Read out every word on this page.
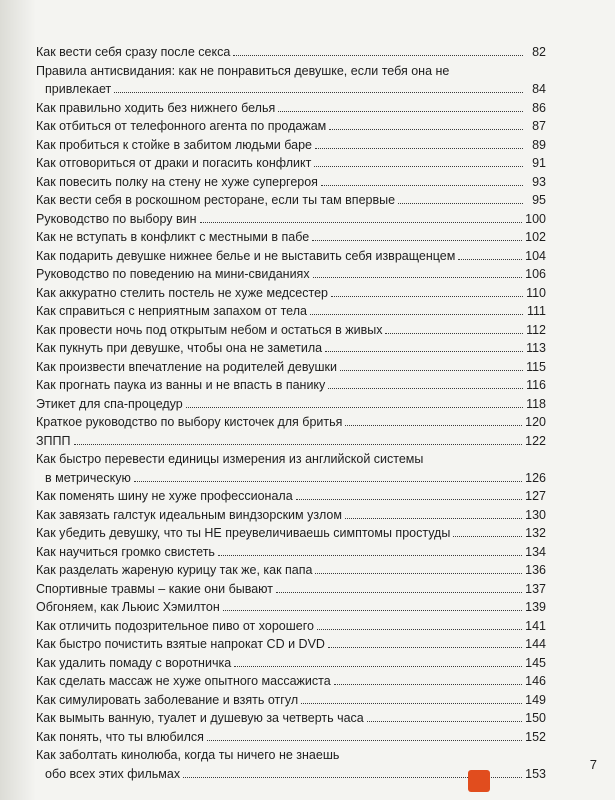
Как вести себя сразу после секса	82
Правила антисвидания: как не понравиться девушке, если тебя она не
привлекает	84
Как правильно ходить без нижнего белья	86
Как отбиться от телефонного агента по продажам	87
Как пробиться к стойке в забитом людьми баре	89
Как отговориться от драки и погасить конфликт	91
Как повесить полку на стену не хуже супергероя	93
Как вести себя в роскошном ресторане, если ты там впервые	95
Руководство по выбору вин	100
Как не вступать в конфликт с местными в пабе	102
Как подарить девушке нижнее белье и не выставить себя извращенцем	104
Руководство по поведению на мини-свиданиях	106
Как аккуратно стелить постель не хуже медсестер	110
Как справиться с неприятным запахом от тела	111
Как провести ночь под открытым небом и остаться в живых	112
Как пукнуть при девушке, чтобы она не заметила	113
Как произвести впечатление на родителей девушки	115
Как прогнать паука из ванны и не впасть в панику	116
Этикет для спа-процедур	118
Краткое руководство по выбору кисточек для бритья	120
ЗППП	122
Как быстро перевести единицы измерения из английской системы
в метрическую	126
Как поменять шину не хуже профессионала	127
Как завязать галстук идеальным виндзорским узлом	130
Как убедить девушку, что ты НЕ преувеличиваешь симптомы простуды	132
Как научиться громко свистеть	134
Как разделать жареную курицу так же, как папа	136
Спортивные травмы – какие они бывают	137
Обгоняем, как Льюис Хэмилтон	139
Как отличить подозрительное пиво от хорошего	141
Как быстро почистить взятые напрокат CD и DVD	144
Как удалить помаду с воротничка	145
Как сделать массаж не хуже опытного массажиста	146
Как симулировать заболевание и взять отгул	149
Как вымыть ванную, туалет и душевую за четверть часа	150
Как понять, что ты влюбился	152
Как заболтать кинолюба, когда ты ничего не знаешь
обо всех этих фильмах	153
7
